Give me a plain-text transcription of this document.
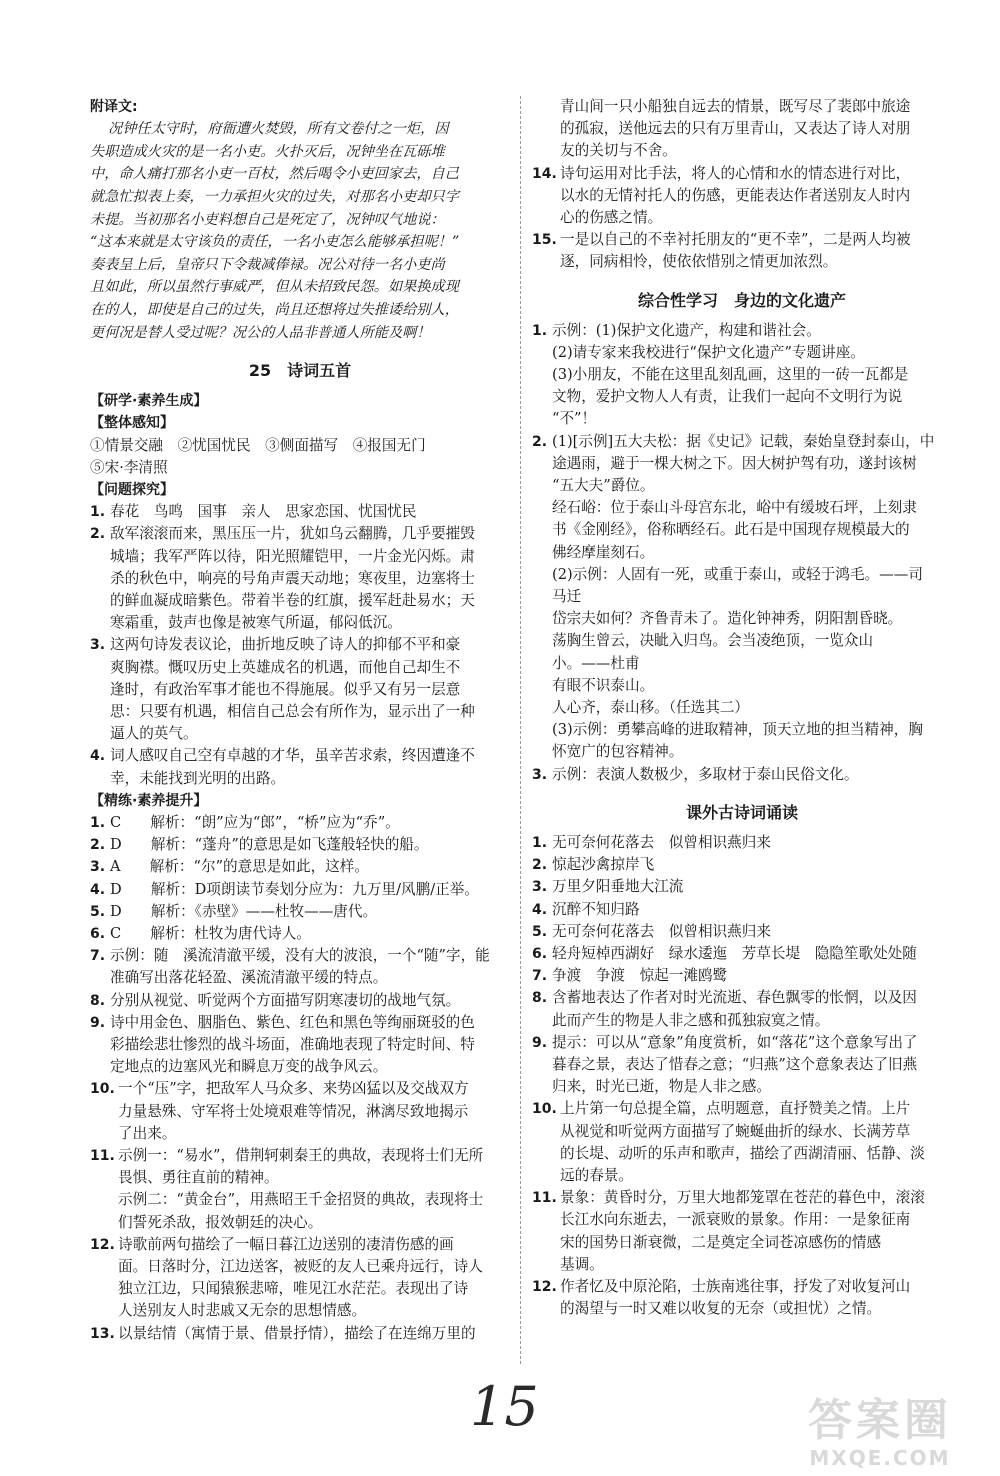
附译文:
况钟任太守时，府衙遭火焚毁，所有文卷付之一炬，因
失职造成火灾的是一名小吏。火扑灭后，况钟坐在瓦砾堆
中，命人痛打那名小吏一百杖，然后喝令小吏回家去，自己
就急忙拟表上奏，一力承担火灾的过失，对那名小吏却只字
未提。当初那名小吏料想自己是死定了，况钟叹气地说：
“这本来就是太守该负的责任，一名小吏怎么能够承担呢！”
奏表呈上后，皇帝只下令裁减俸禄。况公对待一名小吏尚
且如此，所以虽然行事威严，但从未招致民怨。如果换成现
在的人，即使是自己的过失，尚且还想将过失推诿给别人，
更何况是替人受过呢？况公的人品非普通人所能及啊！
25　诗词五首
【研学·素养生成】
【整体感知】
①情景交融　②忧国忧民　③侧面描写　④报国无门
⑤宋·李清照
【问题探究】
1. 春花　鸟鸣　国事　亲人　思家恋国、忧国忧民
2. 敌军滚滚而来，黑压压一片，犹如乌云翻腾，几乎要摧毁
城墙；我军严阵以待，阳光照耀铠甲，一片金光闪烁。肃
杀的秋色中，响亮的号角声震天动地；寒夜里，边塞将士
的鲜血凝成暗紫色。带着半卷的红旗，援军赶赴易水；天
寒霜重，鼓声也像是被寒气所逼，郁闷低沉。
3. 这两句诗发表议论，曲折地反映了诗人的抑郁不平和豪
爽胸襟。慨叹历史上英雄成名的机遇，而他自己却生不
逢时，有政治军事才能也不得施展。似乎又有另一层意
思：只要有机遇，相信自己总会有所作为，显示出了一种
逼人的英气。
4. 词人感叹自己空有卓越的才华，虽辛苦求索，终因遭逢不
幸，未能找到光明的出路。
【精练·素养提升】
1. C　　解析：“朗”应为“郎”，“桥”应为“乔”。
2. D　　解析：“蓬舟”的意思是如飞蓬般轻快的船。
3. A　　解析：“尔”的意思是如此，这样。
4. D　　解析：D项朗读节奏划分应为：九万里/风鹏/正举。
5. D　　解析：《赤壁》——杜牧——唐代。
6. C　　解析：杜牧为唐代诗人。
7. 示例：随　溪流清澈平缓，没有大的波浪，一个“随”字，能
准确写出落花轻盈、溪流清澈平缓的特点。
8. 分别从视觉、听觉两个方面描写阴寒凄切的战地气氛。
9. 诗中用金色、胭脂色、紫色、红色和黑色等绚丽斑驳的色
彩描绘悲壮惨烈的战斗场面，准确地表现了特定时间、特
定地点的边塞风光和瞬息万变的战争风云。
10. 一个“压”字，把敌军人马众多、来势凶猛以及交战双方
力量悬殊、守军将士处境艰难等情况，淋漓尽致地揭示
了出来。
11. 示例一：“易水”，借荆轲刺秦王的典故，表现将士们无所
畏惧、勇往直前的精神。
示例二：“黄金台”，用燕昭王千金招贤的典故，表现将士
们誓死杀敌，报效朝廷的决心。
12. 诗歌前两句描绘了一幅日暮江边送别的凄清伤感的画
面。日落时分，江边送客，被贬的友人已乘舟远行，诗人
独立江边，只闻猿猴悲啼，唯见江水茫茫。表现出了诗
人送别友人时悲戚又无奈的思想情感。
13. 以景结情（寓情于景、借景抒情），描绘了在连绵万里的
青山间一只小船独自远去的情景，既写尽了裴郎中旅途
的孤寂，送他远去的只有万里青山，又表达了诗人对朋
友的关切与不舍。
14. 诗句运用对比手法，将人的心情和水的情态进行对比，
以水的无情衬托人的伤感，更能表达作者送别友人时内
心的伤感之情。
15. 一是以自己的不幸衬托朋友的“更不幸”，二是两人均被
逐，同病相怜，使依依惜别之情更加浓烈。
综合性学习　身边的文化遗产
1. 示例：(1)保护文化遗产，构建和谐社会。
(2)请专家来我校进行“保护文化遗产”专题讲座。
(3)小朋友，不能在这里乱刻乱画，这里的一砖一瓦都是
文物，爱护文物人人有责，让我们一起向不文明行为说
“不”！
2. (1)[示例]五大夫松：据《史记》记载，秦始皇登封泰山，中
途遇雨，避于一棵大树之下。因大树护驾有功，遂封该树
“五大夫”爵位。
经石峪：位于泰山斗母宫东北，峪中有缓坡石坪，上刻隶
书《金刚经》，俗称晒经石。此石是中国现存规模最大的
佛经摩崖刻石。
(2)示例：人固有一死，或重于泰山，或轻于鸿毛。——司
马迁
岱宗夫如何？齐鲁青未了。造化钟神秀，阴阳割昏晓。
荡胸生曾云，决眦入归鸟。会当凌绝顶，一览众山
小。——杜甫
有眼不识泰山。
人心齐，泰山移。（任选其二）
(3)示例：勇攀高峰的进取精神，顶天立地的担当精神，胸
怀宽广的包容精神。
3. 示例：表演人数极少，多取材于泰山民俗文化。
课外古诗词诵读
1. 无可奈何花落去　似曾相识燕归来
2. 惊起沙禽掠岸飞
3. 万里夕阳垂地大江流
4. 沉醉不知归路
5. 无可奈何花落去　似曾相识燕归来
6. 轻舟短棹西湖好　绿水逶迤　芳草长堤　隐隐笙歌处处随
7. 争渡　争渡　惊起一滩鸥鹭
8. 含蓄地表达了作者对时光流逝、春色飘零的怅惘，以及因
此而产生的物是人非之感和孤独寂寞之情。
9. 提示：可以从“意象”角度赏析，如“落花”这个意象写出了
暮春之景，表达了惜春之意；“归燕”这个意象表达了旧燕
归来，时光已逝，物是人非之感。
10. 上片第一句总提全篇，点明题意，直抒赞美之情。上片
从视觉和听觉两方面描写了蜿蜒曲折的绿水、长满芳草
的长堤、动听的乐声和歌声，描绘了西湖清丽、恬静、淡
远的春景。
11. 景象：黄昏时分，万里大地都笼罩在苍茫的暮色中，滚滚
长江水向东逝去，一派衰败的景象。作用：一是象征南
宋的国势日渐衰微，二是奠定全词苍凉感伤的情感
基调。
12. 作者忆及中原沦陷，士族南逃往事，抒发了对收复河山
的渴望与一时又难以收复的无奈（或担忧）之情。
15	答案圈
MXQE.COM
